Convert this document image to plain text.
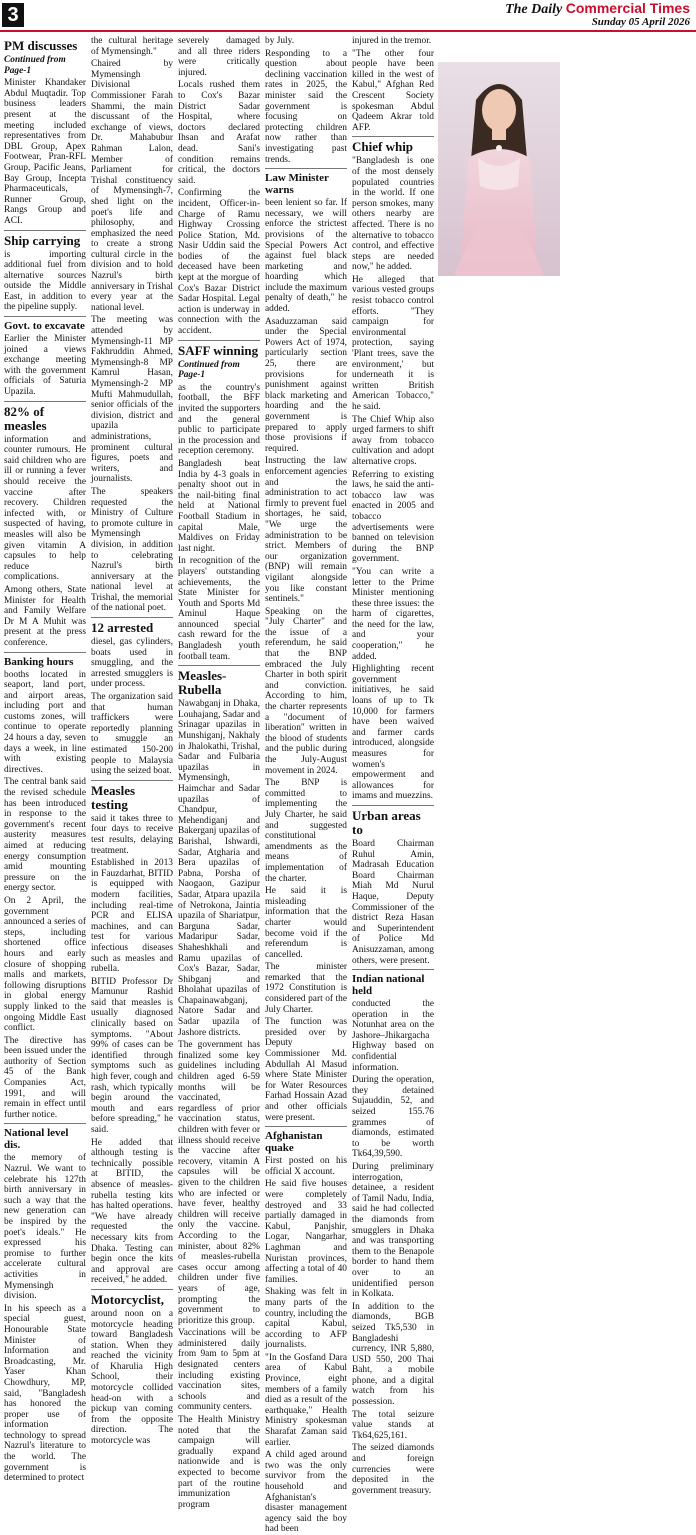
3	The Daily Commercial Times
Sunday 05 April 2026
PM discusses
Continued from Page-1

Minister Khandaker Abdul Muqtadir. Top business leaders present at the meeting included representatives from DBL Group, Apex Footwear, Pran-RFL Group, Pacific Jeans, Bay Group, Incepta Pharmaceuticals, Runner Group, Rangs Group and ACI.

Ship carrying

is importing additional fuel from alternative sources outside the Middle East, in addition to the pipeline supply.

Govt. to excavate

Earlier the Minister joined a views exchange meeting with the government officials of Saturia Upazila.

82% of measles

information and counter rumours. He said children who are ill or running a fever should receive the vaccine after recovery. Children infected with, or suspected of having, measles will also be given vitamin A capsules to help reduce complications.

Among others, State Minister for Health and Family Welfare Dr M A Muhit was present at the press conference.

Banking hours

booths located in seaport, land port, and airport areas, including port and customs zones, will continue to operate 24 hours a day, seven days a week, in line with existing directives.

The central bank said the revised schedule has been introduced in response to the government's recent austerity measures aimed at reducing energy consumption amid mounting pressure on the energy sector.

On 2 April, the government announced a series of steps, including shortened office hours and early closure of shopping malls and markets, following disruptions in global energy supply linked to the ongoing Middle East conflict.

The directive has been issued under the authority of Section 45 of the Bank Companies Act, 1991, and will remain in effect until further notice.

National level dis.

the memory of Nazrul. We want to celebrate his 127th birth anniversary in such a way that the new generation can be inspired by the poet's ideals." He expressed his promise to further accelerate cultural activities in Mymensingh division.

In his speech as a special guest, Honourable State Minister of Information and Broadcasting, Mr. Yaser Khan Chowdhury, MP, said, "Bangladesh has honored the proper use of information technology to spread Nazrul's literature to the world. The government is determined to protect

the cultural heritage of Mymensingh."

Chaired by Mymensingh Divisional Commissioner Farah Shammi, the main discussant of the exchange of views, Dr. Mahabubur Rahman Lalon, Member of Parliament for Trishal constituency of Mymensingh-7, shed light on the poet's life and philosophy, and emphasized the need to create a strong cultural circle in the division and to hold Nazrul's birth anniversary in Trishal every year at the national level.

The meeting was attended by Mymensingh-11 MP Fakhruddin Ahmed, Mymensingh-8 MP Kamrul Hasan, Mymensingh-2 MP Mufti Mahmudullah, senior officials of the division, district and upazila administrations, prominent cultural figures, poets and writers, and journalists.

The speakers requested the Ministry of Culture to promote culture in Mymensingh division, in addition to celebrating Nazrul's birth anniversary at the national level at Trishal, the memorial of the national poet.

12 arrested

diesel, gas cylinders, boats used in smuggling, and the arrested smugglers is under process.

The organization said that human traffickers were reportedly planning to smuggle an estimated 150-200 people to Malaysia using the seized boat.

Measles testing

said it takes three to four days to receive test results, delaying treatment.

Established in 2013 in Fauzdarhat, BITID is equipped with modern facilities, including real-time PCR and ELISA machines, and can test for various infectious diseases such as measles and rubella.

BITID Professor Dr Mamunur Rashid said that measles is usually diagnosed clinically based on symptoms. "About 99% of cases can be identified through symptoms such as high fever, cough and rash, which typically begin around the mouth and ears before spreading," he said.

He added that although testing is technically possible at BITID, the absence of measles-rubella testing kits has halted operations. "We have already requested the necessary kits from Dhaka. Testing can begin once the kits and approval are received," he added.

Motorcyclist,

around noon on a motorcycle heading toward Bangladesh station. When they reached the vicinity of Kharulia High School, their motorcycle collided head-on with a pickup van coming from the opposite direction. The motorcycle was

severely damaged and all three riders were critically injured.

Locals rushed them to Cox's Bazar District Sadar Hospital, where doctors declared Ihsan and Arafat dead. Sani's condition remains critical, the doctors said.

Confirming the incident, Officer-in-Charge of Ramu Highway Crossing Police Station, Md. Nasir Uddin said the bodies of the deceased have been kept at the morgue of Cox's Bazar District Sadar Hospital. Legal action is underway in connection with the accident.

SAFF winning
Continued from Page-1

as the country's football, the BFF invited the supporters and the general public to participate in the procession and reception ceremony.

Bangladesh beat India by 4-3 goals in penalty shoot out in the nail-biting final held at National Football Stadium in capital Male, Maldives on Friday last night.

In recognition of the players' outstanding achievements, the State Minister for Youth and Sports Md Aminul Haque announced special cash reward for the Bangladesh youth football team.

Measles-Rubella

Nawabganj in Dhaka, Louhajang, Sadar and Srinagar upazilas in Munshiganj, Nakhaly in Jhalokathi, Trishal, Sadar and Fulbaria upazilas in Mymensingh, Haimchar and Sadar upazilas of Chandpur, Mehendiganj and Bakerganj upazilas of Barishal, Ishwardi, Sadar, Atgharia and Bera upazilas of Pabna, Porsha of Naogaon, Gazipur Sadar, Atpara upazila of Netrokona, Jaintia upazila of Shariatpur, Barguna Sadar, Madaripur Sadar, Shaheshkhali and Ramu upazilas of Cox's Bazar, Sadar, Shibganj and Bholahat upazilas of Chapainawabganj, Natore Sadar and Sadar upazila of Jashore districts.

The government has finalized some key guidelines including children aged 6-59 months will be vaccinated, regardless of prior vaccination status, children with fever or illness should receive the vaccine after recovery, vitamin A capsules will be given to the children who are infected or have fever, healthy children will receive only the vaccine. According to the minister, about 82% of measles-rubella cases occur among children under five years of age, prompting the government to prioritize this group.

Vaccinations will be administered daily from 9am to 5pm at designated centers including existing vaccination sites, schools and community centers.

The Health Ministry noted that the campaign will gradually expand nationwide and is expected to become part of the routine immunization program

by July.

Responding to a question about declining vaccination rates in 2025, the minister said the government is focusing on protecting children now rather than investigating past trends.

Law Minister warns

been lenient so far. If necessary, we will enforce the strictest provisions of the Special Powers Act against fuel black marketing and hoarding which include the maximum penalty of death," he added.

Asaduzzaman said under the Special Powers Act of 1974, particularly section 25, there are provisions for punishment against black marketing and hoarding and the government is prepared to apply those provisions if required.

Instructing the law enforcement agencies and the administration to act firmly to prevent fuel shortages, he said, "We urge the administration to be strict. Members of our organization (BNP) will remain vigilant alongside you like constant sentinels."

Speaking on the "July Charter" and the issue of a referendum, he said that the BNP embraced the July Charter in both spirit and conviction. According to him, the charter represents a "document of liberation" written in the blood of students and the public during the July-August movement in 2024.

The BNP is committed to implementing the July Charter, he said and suggested constitutional amendments as the means of implementation of the charter.

He said it is misleading information that the charter would become void if the referendum is cancelled.

The minister remarked that the 1972 Constitution is considered part of the July Charter.

The function was presided over by Deputy Commissioner Md. Abdullah Al Masud where State Minister for Water Resources Farhad Hossain Azad and other officials were present.

Afghanistan quake

First posted on his official X account.

He said five houses were completely destroyed and 33 partially damaged in Kabul, Panjshir, Logar, Nangarhar, Laghman and Nuristan provinces, affecting a total of 40 families.

Shaking was felt in many parts of the country, including the capital Kabul, according to AFP journalists.

"In the Gosfand Dara area of Kabul Province, eight members of a family died as a result of the earthquake," Health Ministry spokesman Sharafat Zaman said earlier.

A child aged around two was the only survivor from the household and Afghanistan's disaster management agency said the boy had been

injured in the tremor.

"The other four people have been killed in the west of Kabul," Afghan Red Crescent Society spokesman Abdul Qadeem Akrar told AFP.

Chief whip

"Bangladesh is one of the most densely populated countries in the world. If one person smokes, many others nearby are affected. There is no alternative to tobacco control, and effective steps are needed now," he added.

He alleged that various vested groups resist tobacco control efforts. "They campaign for environmental protection, saying 'Plant trees, save the environment,' but underneath it is written British American Tobacco," he said.

The Chief Whip also urged farmers to shift away from tobacco cultivation and adopt alternative crops.

Referring to existing laws, he said the anti-tobacco law was enacted in 2005 and tobacco advertisements were banned on television during the BNP government.

"You can write a letter to the Prime Minister mentioning these three issues: the harm of cigarettes, the need for the law, and your cooperation," he added.

Highlighting recent government initiatives, he said loans of up to Tk 10,000 for farmers have been waived and farmer cards introduced, alongside measures for women's empowerment and allowances for imams and muezzins.

Urban areas to

Board Chairman Ruhul Amin, Madrasah Education Board Chairman Miah Md Nurul Haque, Deputy Commissioner of the district Reza Hasan and Superintendent of Police Md Anisuzzaman, among others, were present.

Indian national held

conducted the operation in the Notunhat area on the Jashore–Jhikargacha Highway based on confidential information.

During the operation, they detained Sujauddin, 52, and seized 155.76 grammes of diamonds, estimated to be worth Tk64,39,590.

During preliminary interrogation, detainee, a resident of Tamil Nadu, India, said he had collected the diamonds from smugglers in Dhaka and was transporting them to the Benapole border to hand them over to an unidentified person in Kolkata.

In addition to the diamonds, BGB seized Tk5,530 in Bangladeshi currency, INR 5,880, USD 550, 200 Thai Baht, a mobile phone, and a digital watch from his possession.

The total seizure value stands at Tk64,625,161.

The seized diamonds and foreign currencies were deposited in the government treasury.
